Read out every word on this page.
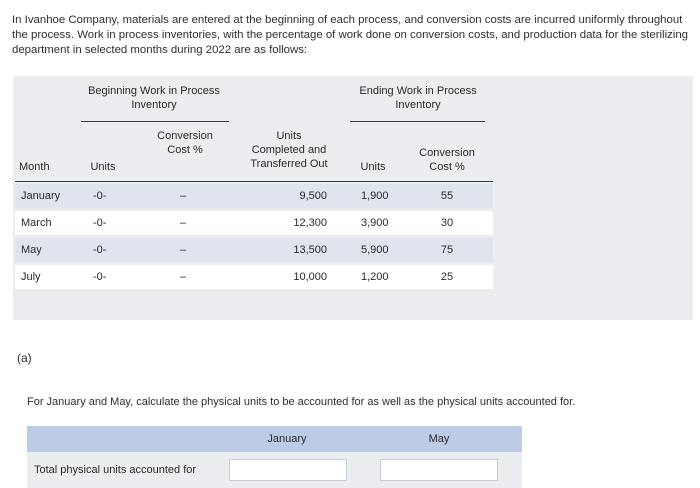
In Ivanhoe Company, materials are entered at the beginning of each process, and conversion costs are incurred uniformly throughout the process. Work in process inventories, with the percentage of work done on conversion costs, and production data for the sterilizing department in selected months during 2022 are as follows:
Beginning Work in Process
Inventory
Ending Work in Process
Inventory
Month	Units
Conversion
Cost %
Units
Completed and
Transferred Out	Units
Conversion
Cost %
January	-0-	–	9,500	1,900	55
March	-0-	–	12,300	3,900	30
May	-0-	–	13,500	5,900	75
July	-0-	–	10,000	1,200	25
(a)
For January and May, calculate the physical units to be accounted for as well as the physical units accounted for.
January	May
Total physical units accounted for
